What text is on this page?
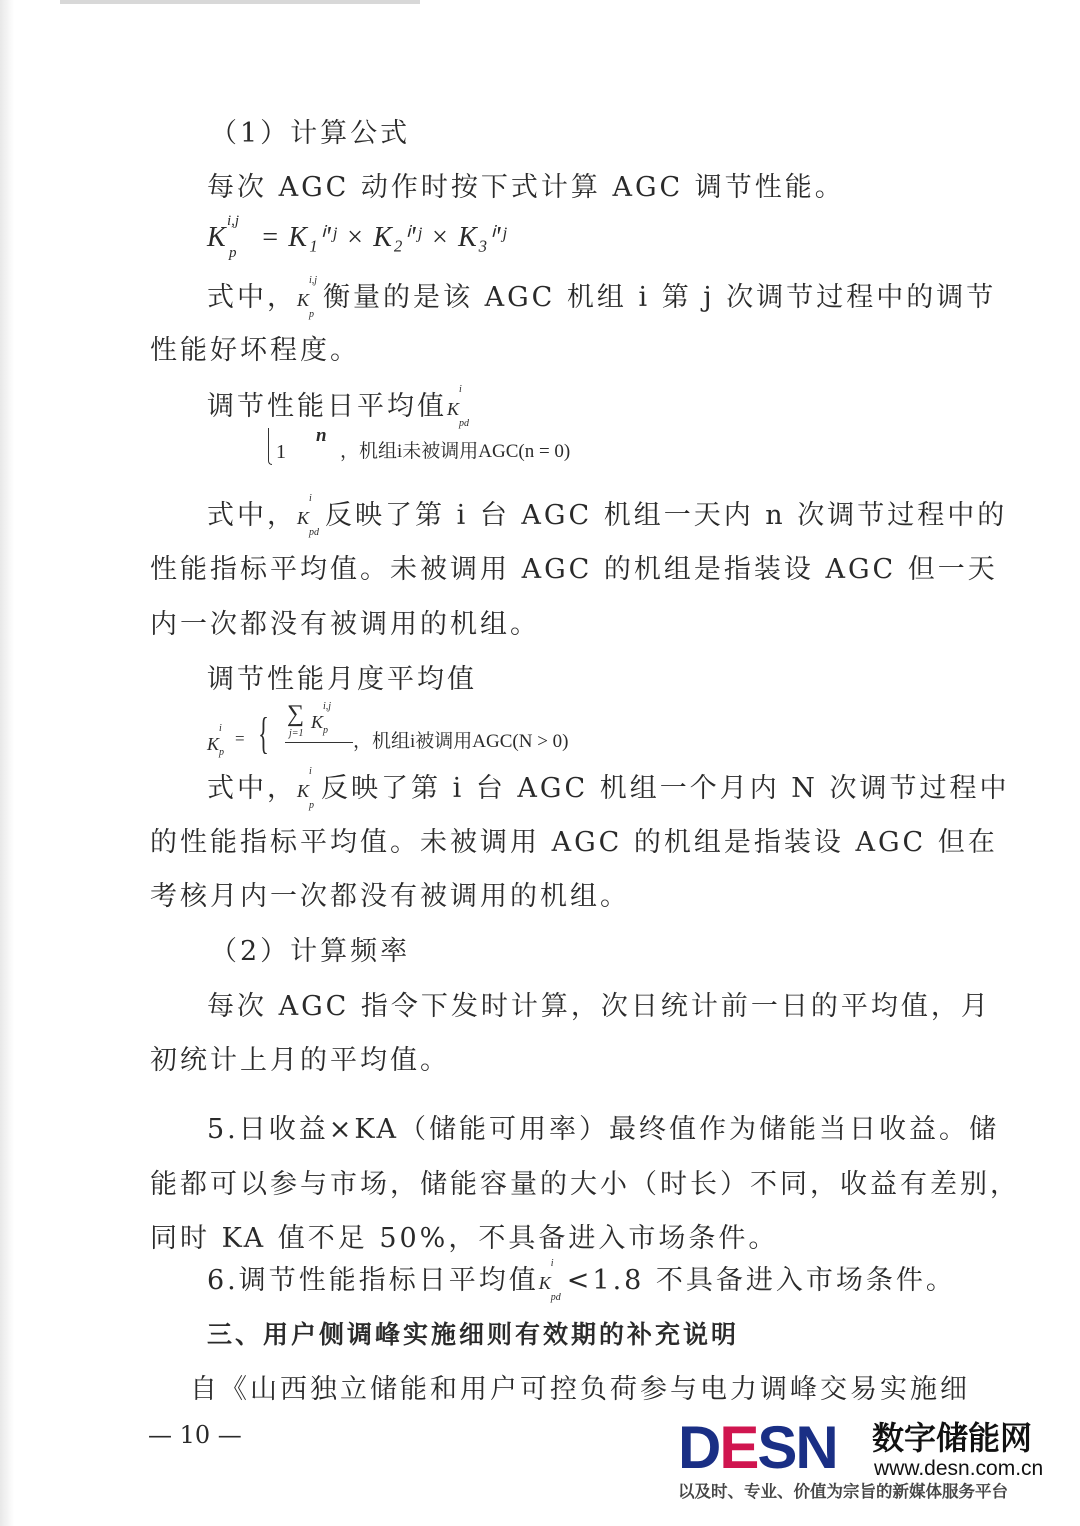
（1）计算公式
每次 AGC 动作时按下式计算 AGC 调节性能。
K
i,j
p = K₁ⁱ'ʲ × K₂ⁱ'ʲ × K₃ⁱ'ʲ
式中，K
i,j
p
衡量的是该 AGC 机组 i 第 j 次调节过程中的调节
性能好坏程度。
调节性能日平均值K
i
pd
1
n
，机组i未被调用AGC(n = 0)
式中，K
i
pd
反映了第 i 台 AGC 机组一天内 n 次调节过程中的
性能指标平均值。未被调用 AGC 的机组是指装设 AGC 但一天
内一次都没有被调用的机组。
调节性能月度平均值
K
i
p
= { ∑ K
i,j
p
j=1	，机组i被调用AGC(N > 0)
式中，K
i
p
反映了第 i 台 AGC 机组一个月内 N 次调节过程中
的性能指标平均值。未被调用 AGC 的机组是指装设 AGC 但在
考核月内一次都没有被调用的机组。
（2）计算频率
每次 AGC 指令下发时计算，次日统计前一日的平均值，月
初统计上月的平均值。
5.日收益×KA（储能可用率）最终值作为储能当日收益。储
能都可以参与市场，储能容量的大小（时长）不同，收益有差别，
同时 KA 值不足 50%，不具备进入市场条件。
6.调节性能指标日平均值K
i
pd
<1.8 不具备进入市场条件。
三、用户侧调峰实施细则有效期的补充说明
自《山西独立储能和用户可控负荷参与电力调峰交易实施细
— 10 —	DESN 数字储能网
www.desn.com.cn
以及时、专业、价值为宗旨的新媒体服务平台
